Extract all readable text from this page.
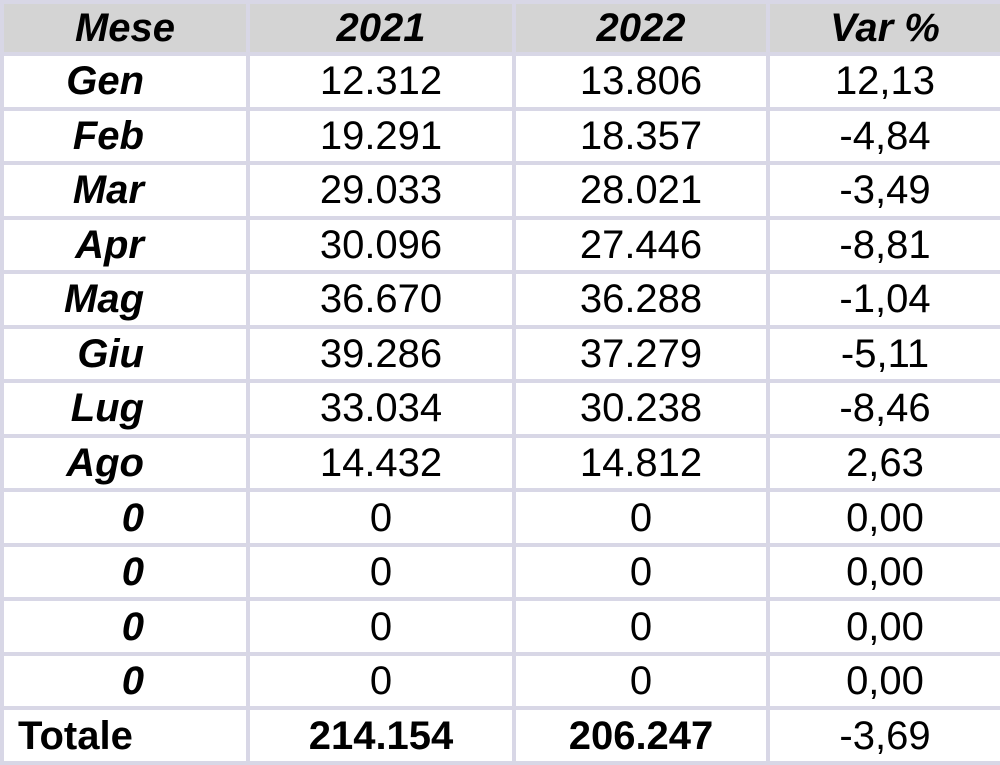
Mese	2021	2022	Var %
Gen	12.312	13.806	12,13
Feb	19.291	18.357	-4,84
Mar	29.033	28.021	-3,49
Apr	30.096	27.446	-8,81
Mag	36.670	36.288	-1,04
Giu	39.286	37.279	-5,11
Lug	33.034	30.238	-8,46
Ago	14.432	14.812	2,63
0	0	0	0,00
0	0	0	0,00
0	0	0	0,00
0	0	0	0,00
Totale	214.154	206.247	-3,69
